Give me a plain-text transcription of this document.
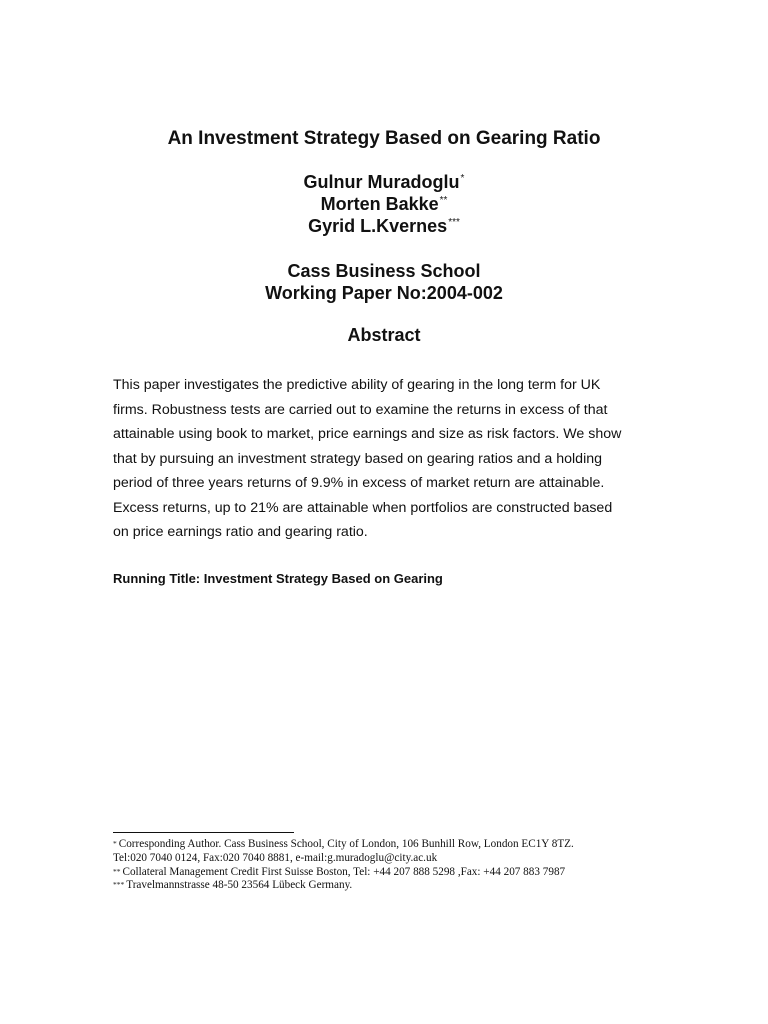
An Investment Strategy Based on Gearing Ratio
Gulnur Muradoglu*
Morten Bakke**
Gyrid L.Kvernes***
Cass Business School
Working Paper No:2004-002
Abstract
This paper investigates the predictive ability of gearing in the long term for UK
firms. Robustness tests are carried out to examine the returns in excess of that
attainable using book to market, price earnings and size as risk factors. We show
that by pursuing an investment strategy based on gearing ratios and a holding
period of three years returns of 9.9% in excess of market return are attainable.
Excess returns, up to 21% are attainable when portfolios are constructed based
on price earnings ratio and gearing ratio.
Running Title: Investment Strategy Based on Gearing
* Corresponding Author. Cass Business School, City of London, 106 Bunhill Row, London EC1Y 8TZ.
Tel:020 7040 0124, Fax:020 7040 8881, e-mail:g.muradoglu@city.ac.uk
** Collateral Management Credit First Suisse Boston, Tel: +44 207 888 5298 ,Fax: +44 207 883 7987
*** Travelmannstrasse 48-50 23564 Lübeck Germany.
